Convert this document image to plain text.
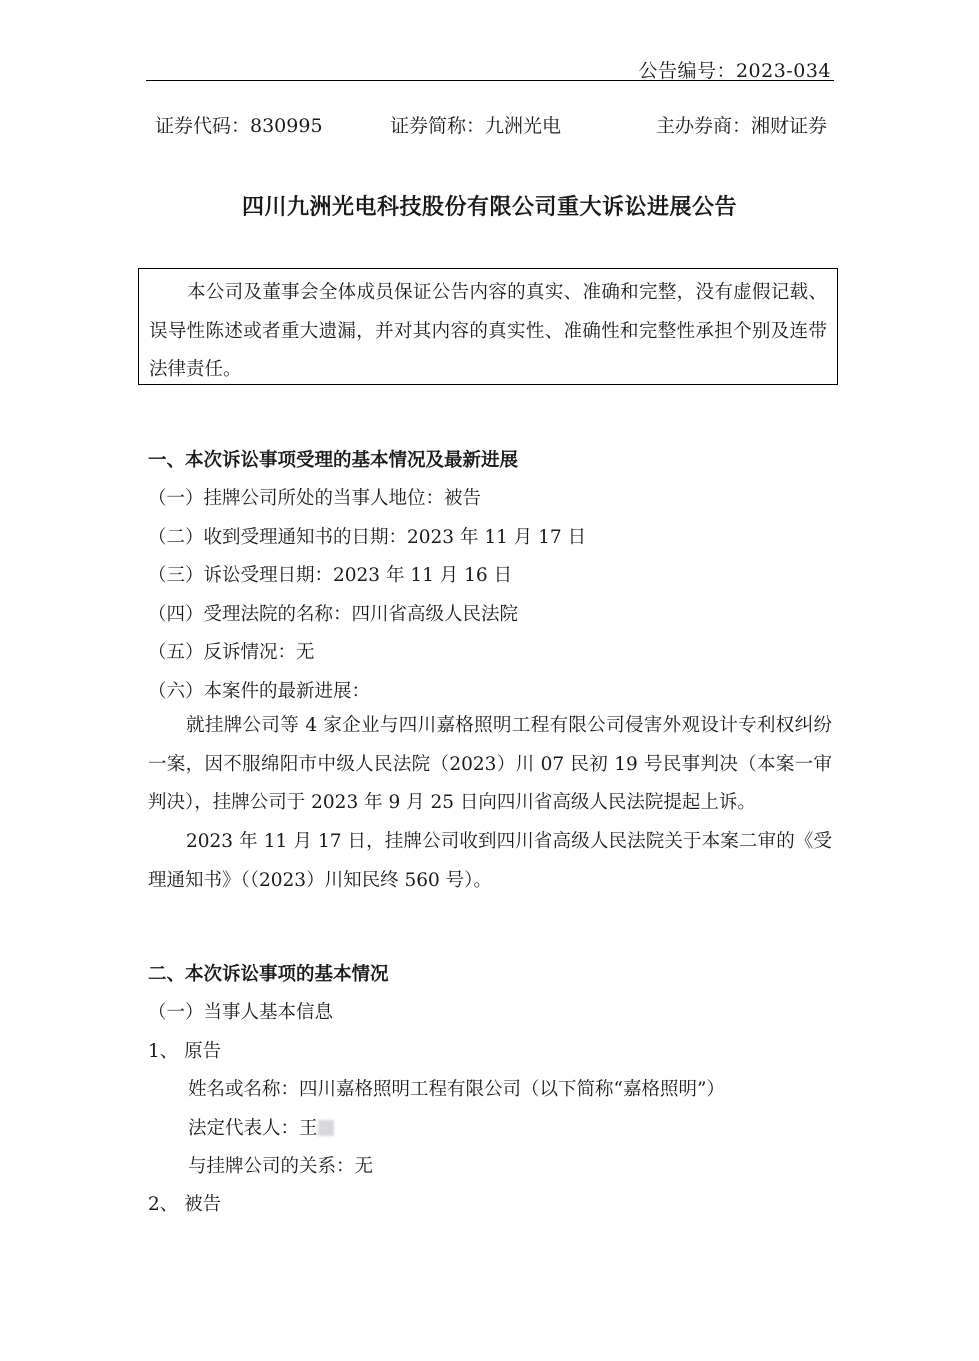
公告编号：2023-034
证券代码：830995	证券简称：九洲光电	主办券商：湘财证券
四川九洲光电科技股份有限公司重大诉讼进展公告
本公司及董事会全体成员保证公告内容的真实、准确和完整，没有虚假记载、误导性陈述或者重大遗漏，并对其内容的真实性、准确性和完整性承担个别及连带法律责任。
一、本次诉讼事项受理的基本情况及最新进展
（一）挂牌公司所处的当事人地位：被告
（二）收到受理通知书的日期：2023 年 11 月 17 日
（三）诉讼受理日期：2023 年 11 月 16 日
（四）受理法院的名称：四川省高级人民法院
（五）反诉情况：无
（六）本案件的最新进展：
就挂牌公司等 4 家企业与四川嘉格照明工程有限公司侵害外观设计专利权纠纷一案，因不服绵阳市中级人民法院（2023）川 07 民初 19 号民事判决（本案一审判决），挂牌公司于 2023 年 9 月 25 日向四川省高级人民法院提起上诉。
2023 年 11 月 17 日，挂牌公司收到四川省高级人民法院关于本案二审的《受理通知书》（（2023）川知民终 560 号）。
二、本次诉讼事项的基本情况
（一）当事人基本信息
1、 原告
姓名或名称：四川嘉格照明工程有限公司（以下简称“嘉格照明”）
法定代表人：王
与挂牌公司的关系：无
2、 被告
